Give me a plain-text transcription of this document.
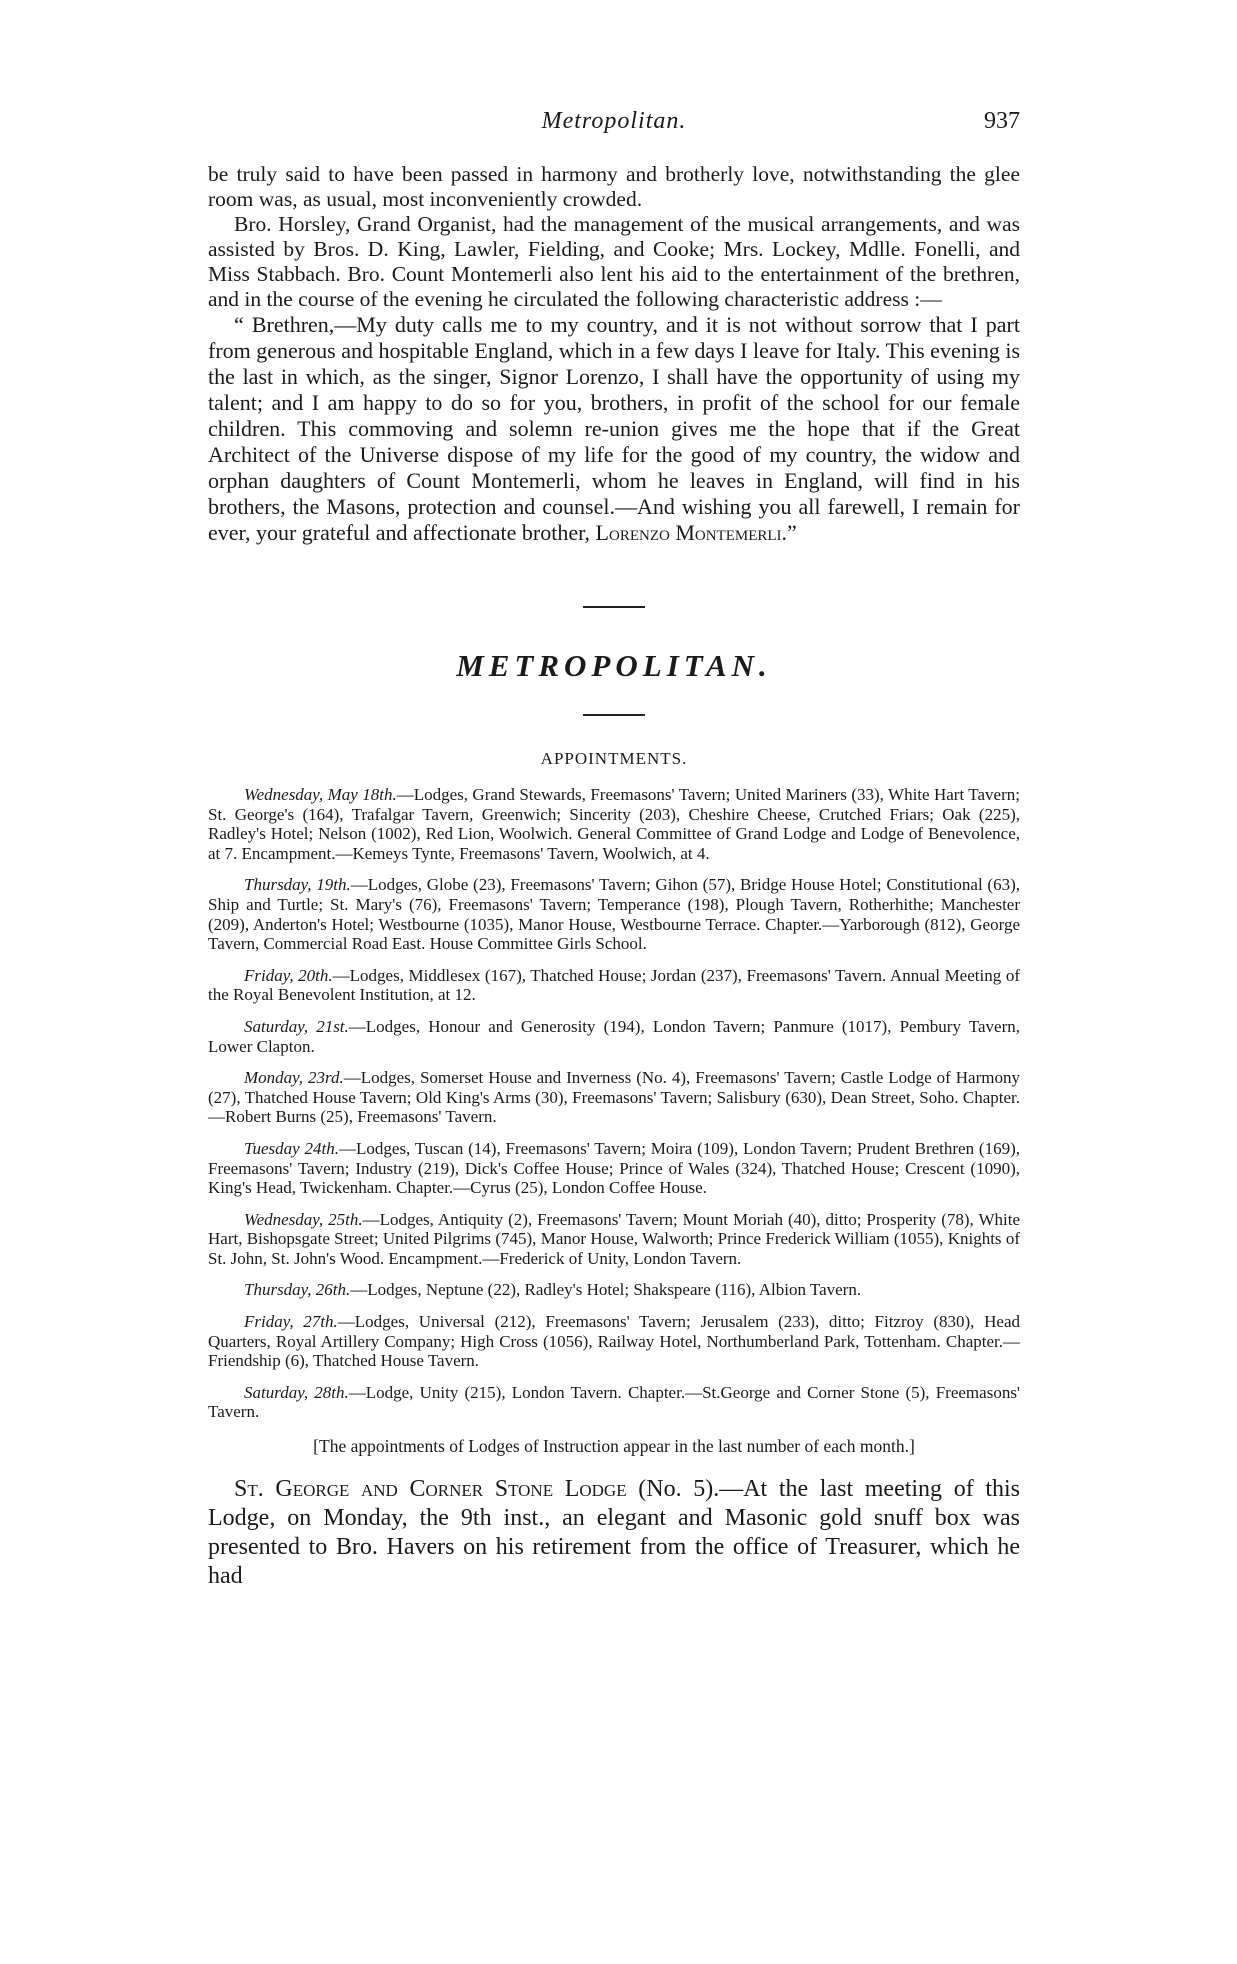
Metropolitan.	937

be truly said to have been passed in harmony and brotherly love, notwithstanding the glee room was, as usual, most inconveniently crowded.

Bro. Horsley, Grand Organist, had the management of the musical arrangements, and was assisted by Bros. D. King, Lawler, Fielding, and Cooke; Mrs. Lockey, Mdlle. Fonelli, and Miss Stabbach. Bro. Count Montemerli also lent his aid to the entertainment of the brethren, and in the course of the evening he circulated the following characteristic address :—

“ Brethren,—My duty calls me to my country, and it is not without sorrow that I part from generous and hospitable England, which in a few days I leave for Italy. This evening is the last in which, as the singer, Signor Lorenzo, I shall have the opportunity of using my talent; and I am happy to do so for you, brothers, in profit of the school for our female children. This commoving and solemn re-union gives me the hope that if the Great Architect of the Universe dispose of my life for the good of my country, the widow and orphan daughters of Count Montemerli, whom he leaves in England, will find in his brothers, the Masons, protection and counsel.—And wishing you all farewell, I remain for ever, your grateful and affectionate brother, Lorenzo Montemerli.”

METROPOLITAN.

APPOINTMENTS.

Wednesday, May 18th.—Lodges, Grand Stewards, Freemasons' Tavern; United Mariners (33), White Hart Tavern; St. George's (164), Trafalgar Tavern, Greenwich; Sincerity (203), Cheshire Cheese, Crutched Friars; Oak (225), Radley's Hotel; Nelson (1002), Red Lion, Woolwich. General Committee of Grand Lodge and Lodge of Benevolence, at 7. Encampment.—Kemeys Tynte, Freemasons' Tavern, Woolwich, at 4.

Thursday, 19th.—Lodges, Globe (23), Freemasons' Tavern; Gihon (57), Bridge House Hotel; Constitutional (63), Ship and Turtle; St. Mary's (76), Freemasons' Tavern; Temperance (198), Plough Tavern, Rotherhithe; Manchester (209), Anderton's Hotel; Westbourne (1035), Manor House, Westbourne Terrace. Chapter.—Yarborough (812), George Tavern, Commercial Road East. House Committee Girls School.

Friday, 20th.—Lodges, Middlesex (167), Thatched House; Jordan (237), Freemasons' Tavern. Annual Meeting of the Royal Benevolent Institution, at 12.

Saturday, 21st.—Lodges, Honour and Generosity (194), London Tavern; Panmure (1017), Pembury Tavern, Lower Clapton.

Monday, 23rd.—Lodges, Somerset House and Inverness (No. 4), Freemasons' Tavern; Castle Lodge of Harmony (27), Thatched House Tavern; Old King's Arms (30), Freemasons' Tavern; Salisbury (630), Dean Street, Soho. Chapter.—Robert Burns (25), Freemasons' Tavern.

Tuesday 24th.—Lodges, Tuscan (14), Freemasons' Tavern; Moira (109), London Tavern; Prudent Brethren (169), Freemasons' Tavern; Industry (219), Dick's Coffee House; Prince of Wales (324), Thatched House; Crescent (1090), King's Head, Twickenham. Chapter.—Cyrus (25), London Coffee House.

Wednesday, 25th.—Lodges, Antiquity (2), Freemasons' Tavern; Mount Moriah (40), ditto; Prosperity (78), White Hart, Bishopsgate Street; United Pilgrims (745), Manor House, Walworth; Prince Frederick William (1055), Knights of St. John, St. John's Wood. Encampment.—Frederick of Unity, London Tavern.

Thursday, 26th.—Lodges, Neptune (22), Radley's Hotel; Shakspeare (116), Albion Tavern.

Friday, 27th.—Lodges, Universal (212), Freemasons' Tavern; Jerusalem (233), ditto; Fitzroy (830), Head Quarters, Royal Artillery Company; High Cross (1056), Railway Hotel, Northumberland Park, Tottenham. Chapter.—Friendship (6), Thatched House Tavern.

Saturday, 28th.—Lodge, Unity (215), London Tavern. Chapter.—St.George and Corner Stone (5), Freemasons' Tavern.

[The appointments of Lodges of Instruction appear in the last number of each month.]

St. George and Corner Stone Lodge (No. 5).—At the last meeting of this Lodge, on Monday, the 9th inst., an elegant and Masonic gold snuff box was presented to Bro. Havers on his retirement from the office of Treasurer, which he had
